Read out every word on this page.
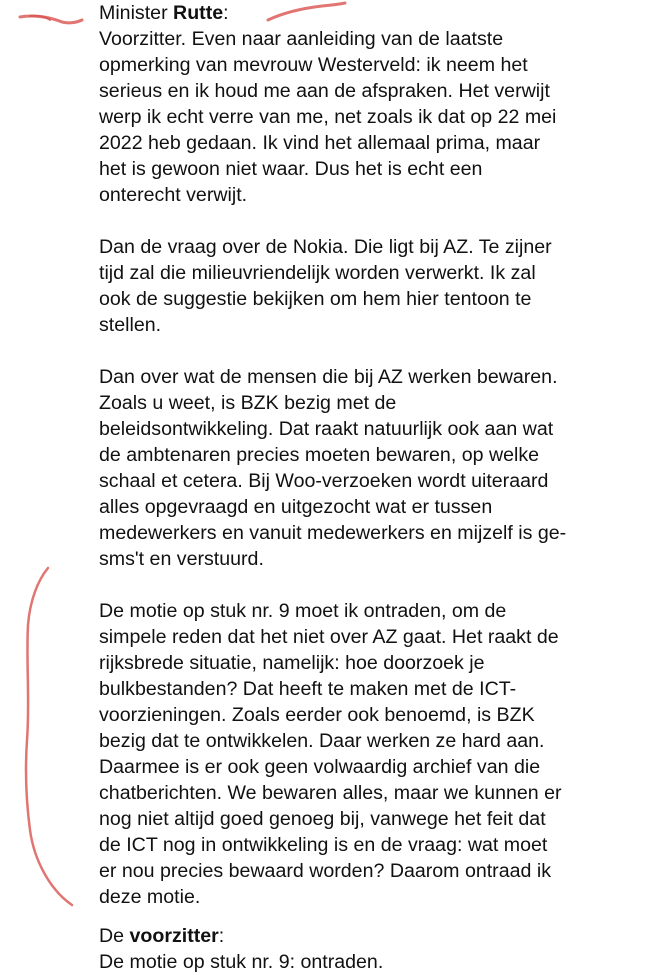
Minister Rutte:

Voorzitter. Even naar aanleiding van de laatste
opmerking van mevrouw Westerveld: ik neem het
serieus en ik houd me aan de afspraken. Het verwijt
werp ik echt verre van me, net zoals ik dat op 22 mei
2022 heb gedaan. Ik vind het allemaal prima, maar
het is gewoon niet waar. Dus het is echt een
onterecht verwijt.

Dan de vraag over de Nokia. Die ligt bij AZ. Te zijner
tijd zal die milieuvriendelijk worden verwerkt. Ik zal
ook de suggestie bekijken om hem hier tentoon te
stellen.

Dan over wat de mensen die bij AZ werken bewaren.
Zoals u weet, is BZK bezig met de
beleidsontwikkeling. Dat raakt natuurlijk ook aan wat
de ambtenaren precies moeten bewaren, op welke
schaal et cetera. Bij Woo-verzoeken wordt uiteraard
alles opgevraagd en uitgezocht wat er tussen
medewerkers en vanuit medewerkers en mijzelf is ge-
sms't en verstuurd.

De motie op stuk nr. 9 moet ik ontraden, om de
simpele reden dat het niet over AZ gaat. Het raakt de
rijksbrede situatie, namelijk: hoe doorzoek je
bulkbestanden? Dat heeft te maken met de ICT-
voorzieningen. Zoals eerder ook benoemd, is BZK
bezig dat te ontwikkelen. Daar werken ze hard aan.
Daarmee is er ook geen volwaardig archief van die
chatberichten. We bewaren alles, maar we kunnen er
nog niet altijd goed genoeg bij, vanwege het feit dat
de ICT nog in ontwikkeling is en de vraag: wat moet
er nou precies bewaard worden? Daarom ontraad ik
deze motie.

De voorzitter:

De motie op stuk nr. 9: ontraden.
